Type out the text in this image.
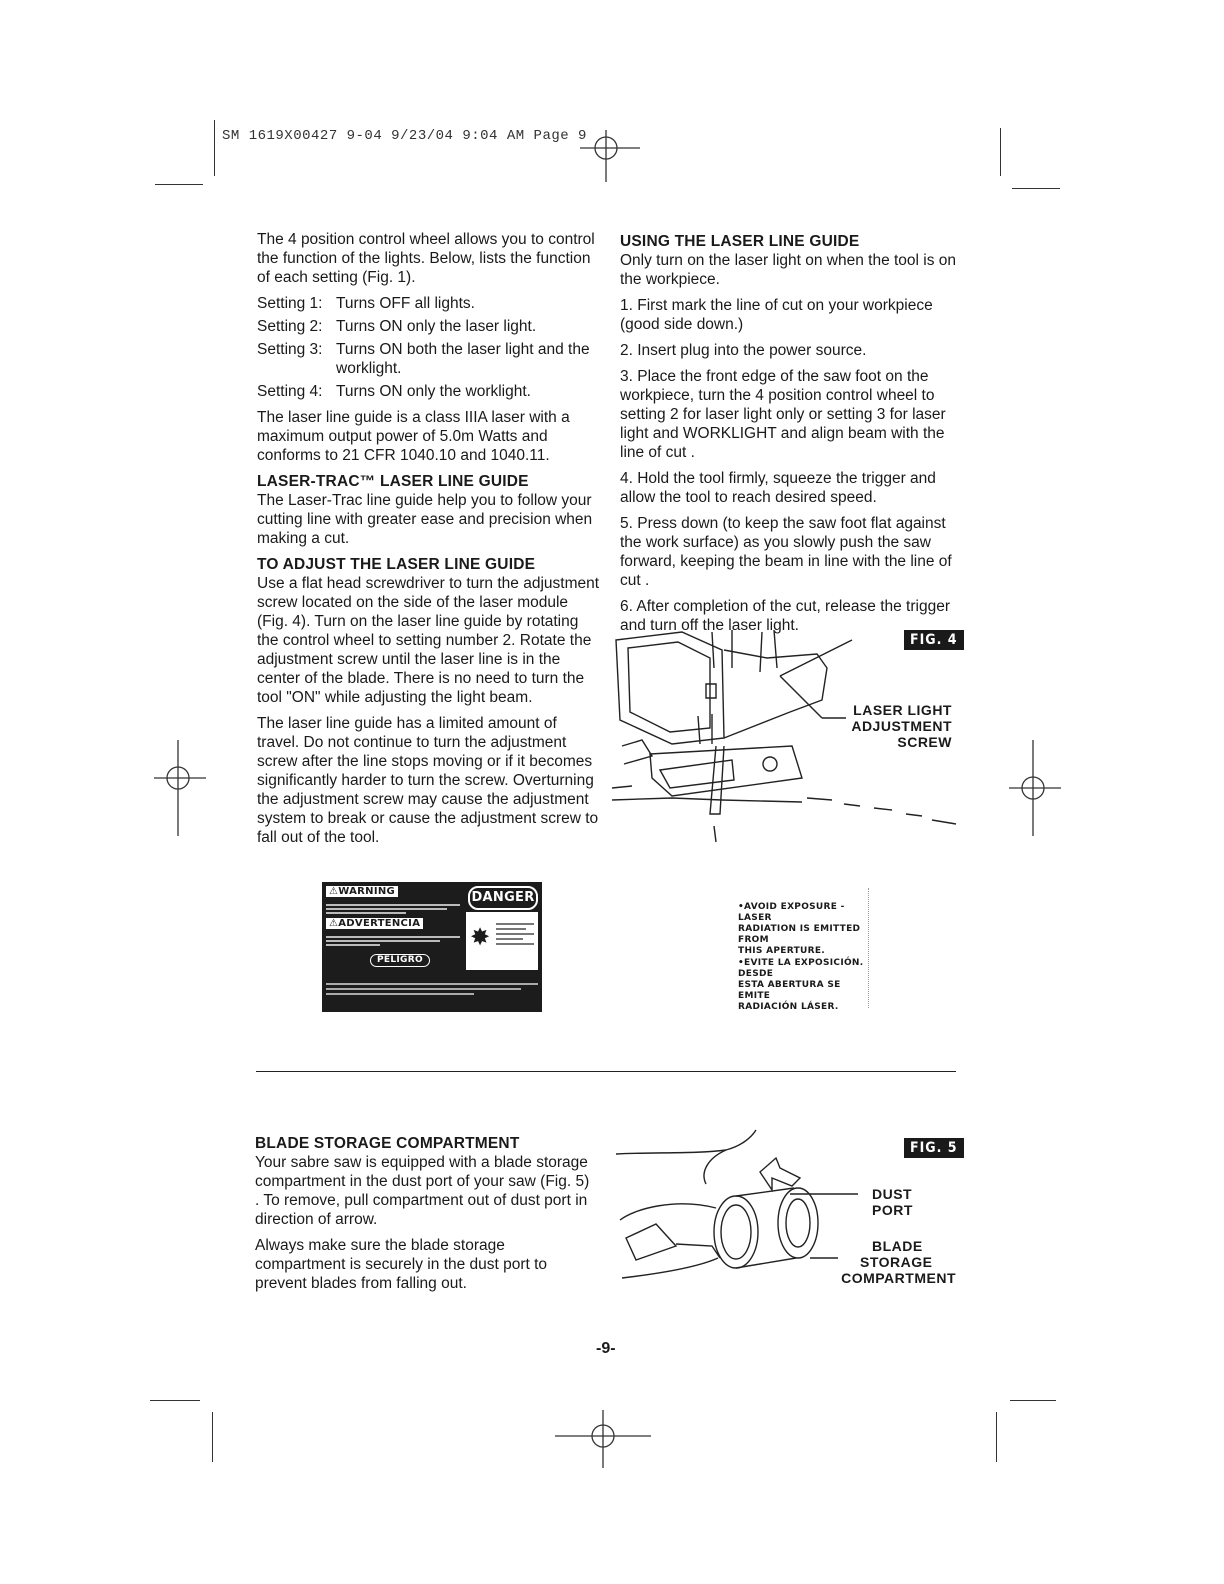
SM 1619X00427 9-04 9/23/04 9:04 AM Page 9

The 4 position control wheel allows you to control the function of the lights. Below, lists the function of each setting (Fig. 1).

Setting 1: Turns OFF all lights.
Setting 2: Turns ON only the laser light.
Setting 3: Turns ON both the laser light and the worklight.
Setting 4: Turns ON only the worklight.

The laser line guide is a class IIIA laser with a maximum output power of 5.0m Watts and conforms to 21 CFR 1040.10 and 1040.11.

LASER-TRAC™ LASER LINE GUIDE

The Laser-Trac line guide help you to follow your cutting line with greater ease and precision when making a cut.

TO ADJUST THE LASER LINE GUIDE

Use a flat head screwdriver to turn the adjustment screw located on the side of the laser module (Fig. 4). Turn on the laser line guide by rotating the control wheel to setting number 2. Rotate the adjustment screw until the laser line is in the center of the blade. There is no need to turn the tool "ON" while adjusting the light beam.

The laser line guide has a limited amount of travel. Do not continue to turn the adjustment screw after the line stops moving or if it becomes significantly harder to turn the screw. Overturning the adjustment screw may cause the adjustment system to break or cause the adjustment screw to fall out of the tool.

USING THE LASER LINE GUIDE

Only turn on the laser light on when the tool is on the workpiece.

1. First mark the line of cut on your workpiece (good side down.)
2. Insert plug into the power source.
3. Place the front edge of the saw foot on the workpiece, turn the 4 position control wheel to setting 2 for laser light only or setting 3 for laser light and WORKLIGHT and align beam with the line of cut .
4. Hold the tool firmly, squeeze the trigger and allow the tool to reach desired speed.
5. Press down (to keep the saw foot flat against the work surface) as you slowly push the saw forward, keeping the beam in line with the line of cut .
6. After completion of the cut, release the trigger and turn off the laser light.
FIG. 4
LASER LIGHT
ADJUSTMENT
SCREW
⚠WARNING
⚠ADVERTENCIA
DANGER
✸
PELIGRO
•AVOID EXPOSURE - LASER
RADIATION IS EMITTED FROM
THIS APERTURE.
•EVITE LA EXPOSICIÓN. DESDE
ESTA ABERTURA SE EMITE
RADIACIÓN LÁSER.
BLADE STORAGE COMPARTMENT

Your sabre saw is equipped with a blade storage compartment in the dust port of your saw (Fig. 5) . To remove, pull compartment out of dust port in direction of arrow.

Always make sure the blade storage compartment is securely in the dust port to prevent blades from falling out.

FIG. 5
DUST
PORT
BLADE
STORAGE
COMPARTMENT
-9-
